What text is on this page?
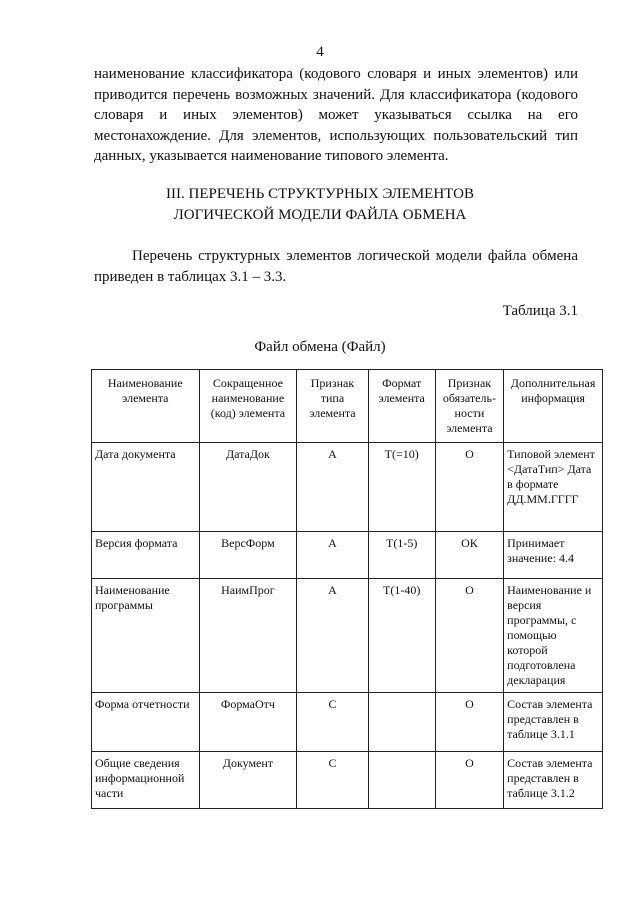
4

наименование классификатора (кодового словаря и иных элементов) или приводится перечень возможных значений. Для классификатора (кодового словаря и иных элементов) может указываться ссылка на его местонахождение. Для элементов, использующих пользовательский тип данных, указывается наименование типового элемента.

III. ПЕРЕЧЕНЬ СТРУКТУРНЫХ ЭЛЕМЕНТОВ
ЛОГИЧЕСКОЙ МОДЕЛИ ФАЙЛА ОБМЕНА

Перечень структурных элементов логической модели файла обмена приведен в таблицах 3.1 – 3.3.

Таблица 3.1
Файл обмена (Файл)
Наименование элемента	Сокращенное наименование (код) элемента	Признак типа элемента	Формат элемента	Признак обязатель-ности элемента	Дополнительная информация
Дата документа	ДатаДок	А	Т(=10)	О	Типовой элемент <ДатаТип> Дата в формате ДД.ММ.ГГГГ
Версия формата	ВерсФорм	А	Т(1-5)	ОК	Принимает значение: 4.4
Наименование программы	НаимПрог	А	Т(1-40)	О	Наименование и версия программы, с помощью которой подготовлена декларация
Форма отчетности	ФормаОтч	С		О	Состав элемента представлен в таблице 3.1.1
Общие сведения информационной части	Документ	С		О	Состав элемента представлен в таблице 3.1.2
